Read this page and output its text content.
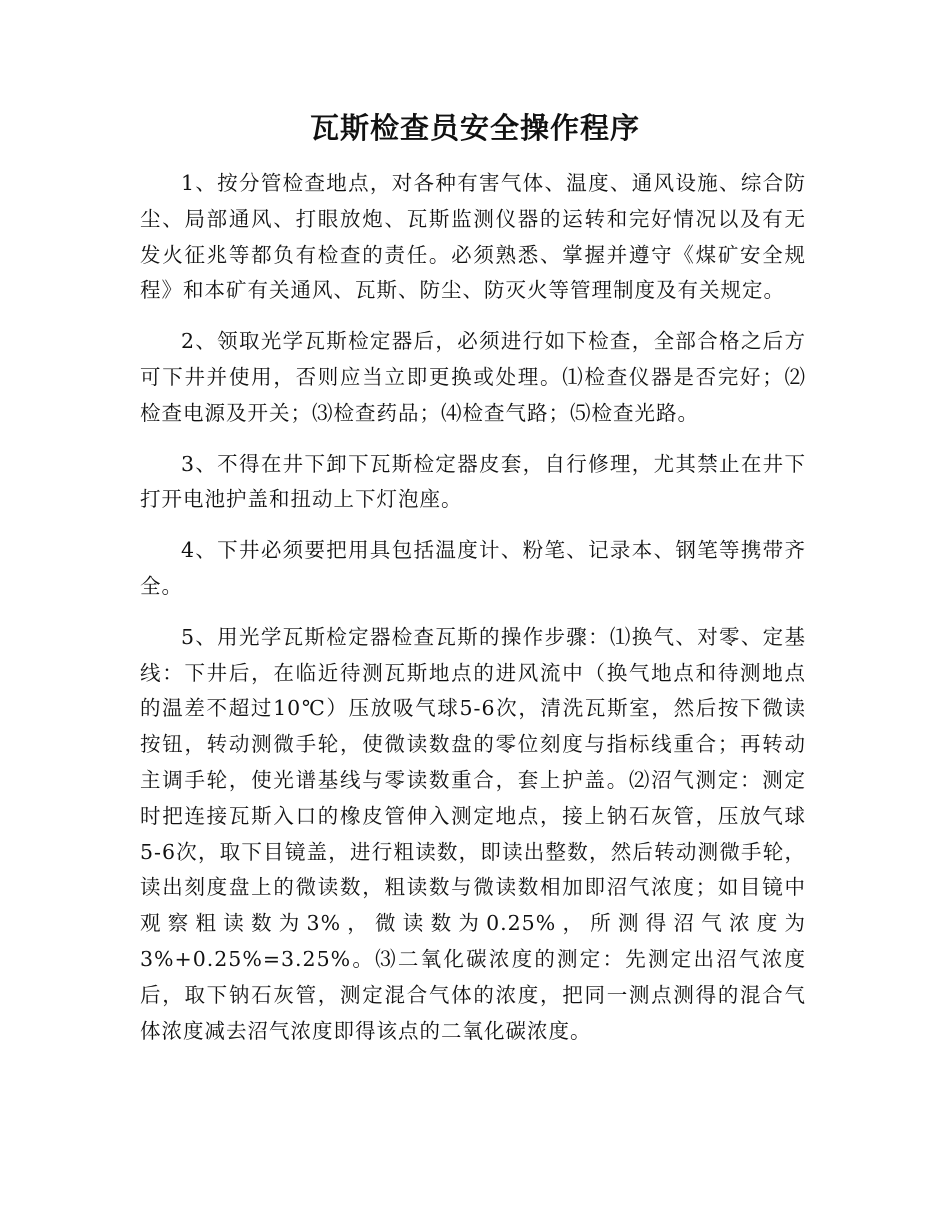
瓦斯检查员安全操作程序

1、按分管检查地点，对各种有害气体、温度、通风设施、综合防尘、局部通风、打眼放炮、瓦斯监测仪器的运转和完好情况以及有无发火征兆等都负有检查的责任。必须熟悉、掌握并遵守《煤矿安全规程》和本矿有关通风、瓦斯、防尘、防灭火等管理制度及有关规定。

2、领取光学瓦斯检定器后，必须进行如下检查，全部合格之后方可下井并使用，否则应当立即更换或处理。⑴检查仪器是否完好；⑵检查电源及开关；⑶检查药品；⑷检查气路；⑸检查光路。

3、不得在井下卸下瓦斯检定器皮套，自行修理，尤其禁止在井下打开电池护盖和扭动上下灯泡座。

4、下井必须要把用具包括温度计、粉笔、记录本、钢笔等携带齐全。

5、用光学瓦斯检定器检查瓦斯的操作步骤：⑴换气、对零、定基线：下井后，在临近待测瓦斯地点的进风流中（换气地点和待测地点的温差不超过10℃）压放吸气球5-6次，清洗瓦斯室，然后按下微读按钮，转动测微手轮，使微读数盘的零位刻度与指标线重合；再转动主调手轮，使光谱基线与零读数重合，套上护盖。⑵沼气测定：测定时把连接瓦斯入口的橡皮管伸入测定地点，接上钠石灰管，压放气球5-6次，取下目镜盖，进行粗读数，即读出整数，然后转动测微手轮，读出刻度盘上的微读数，粗读数与微读数相加即沼气浓度；如目镜中观察粗读数为3%，微读数为0.25%，所测得沼气浓度为3%+0.25%=3.25%。⑶二氧化碳浓度的测定：先测定出沼气浓度后，取下钠石灰管，测定混合气体的浓度，把同一测点测得的混合气体浓度减去沼气浓度即得该点的二氧化碳浓度。
